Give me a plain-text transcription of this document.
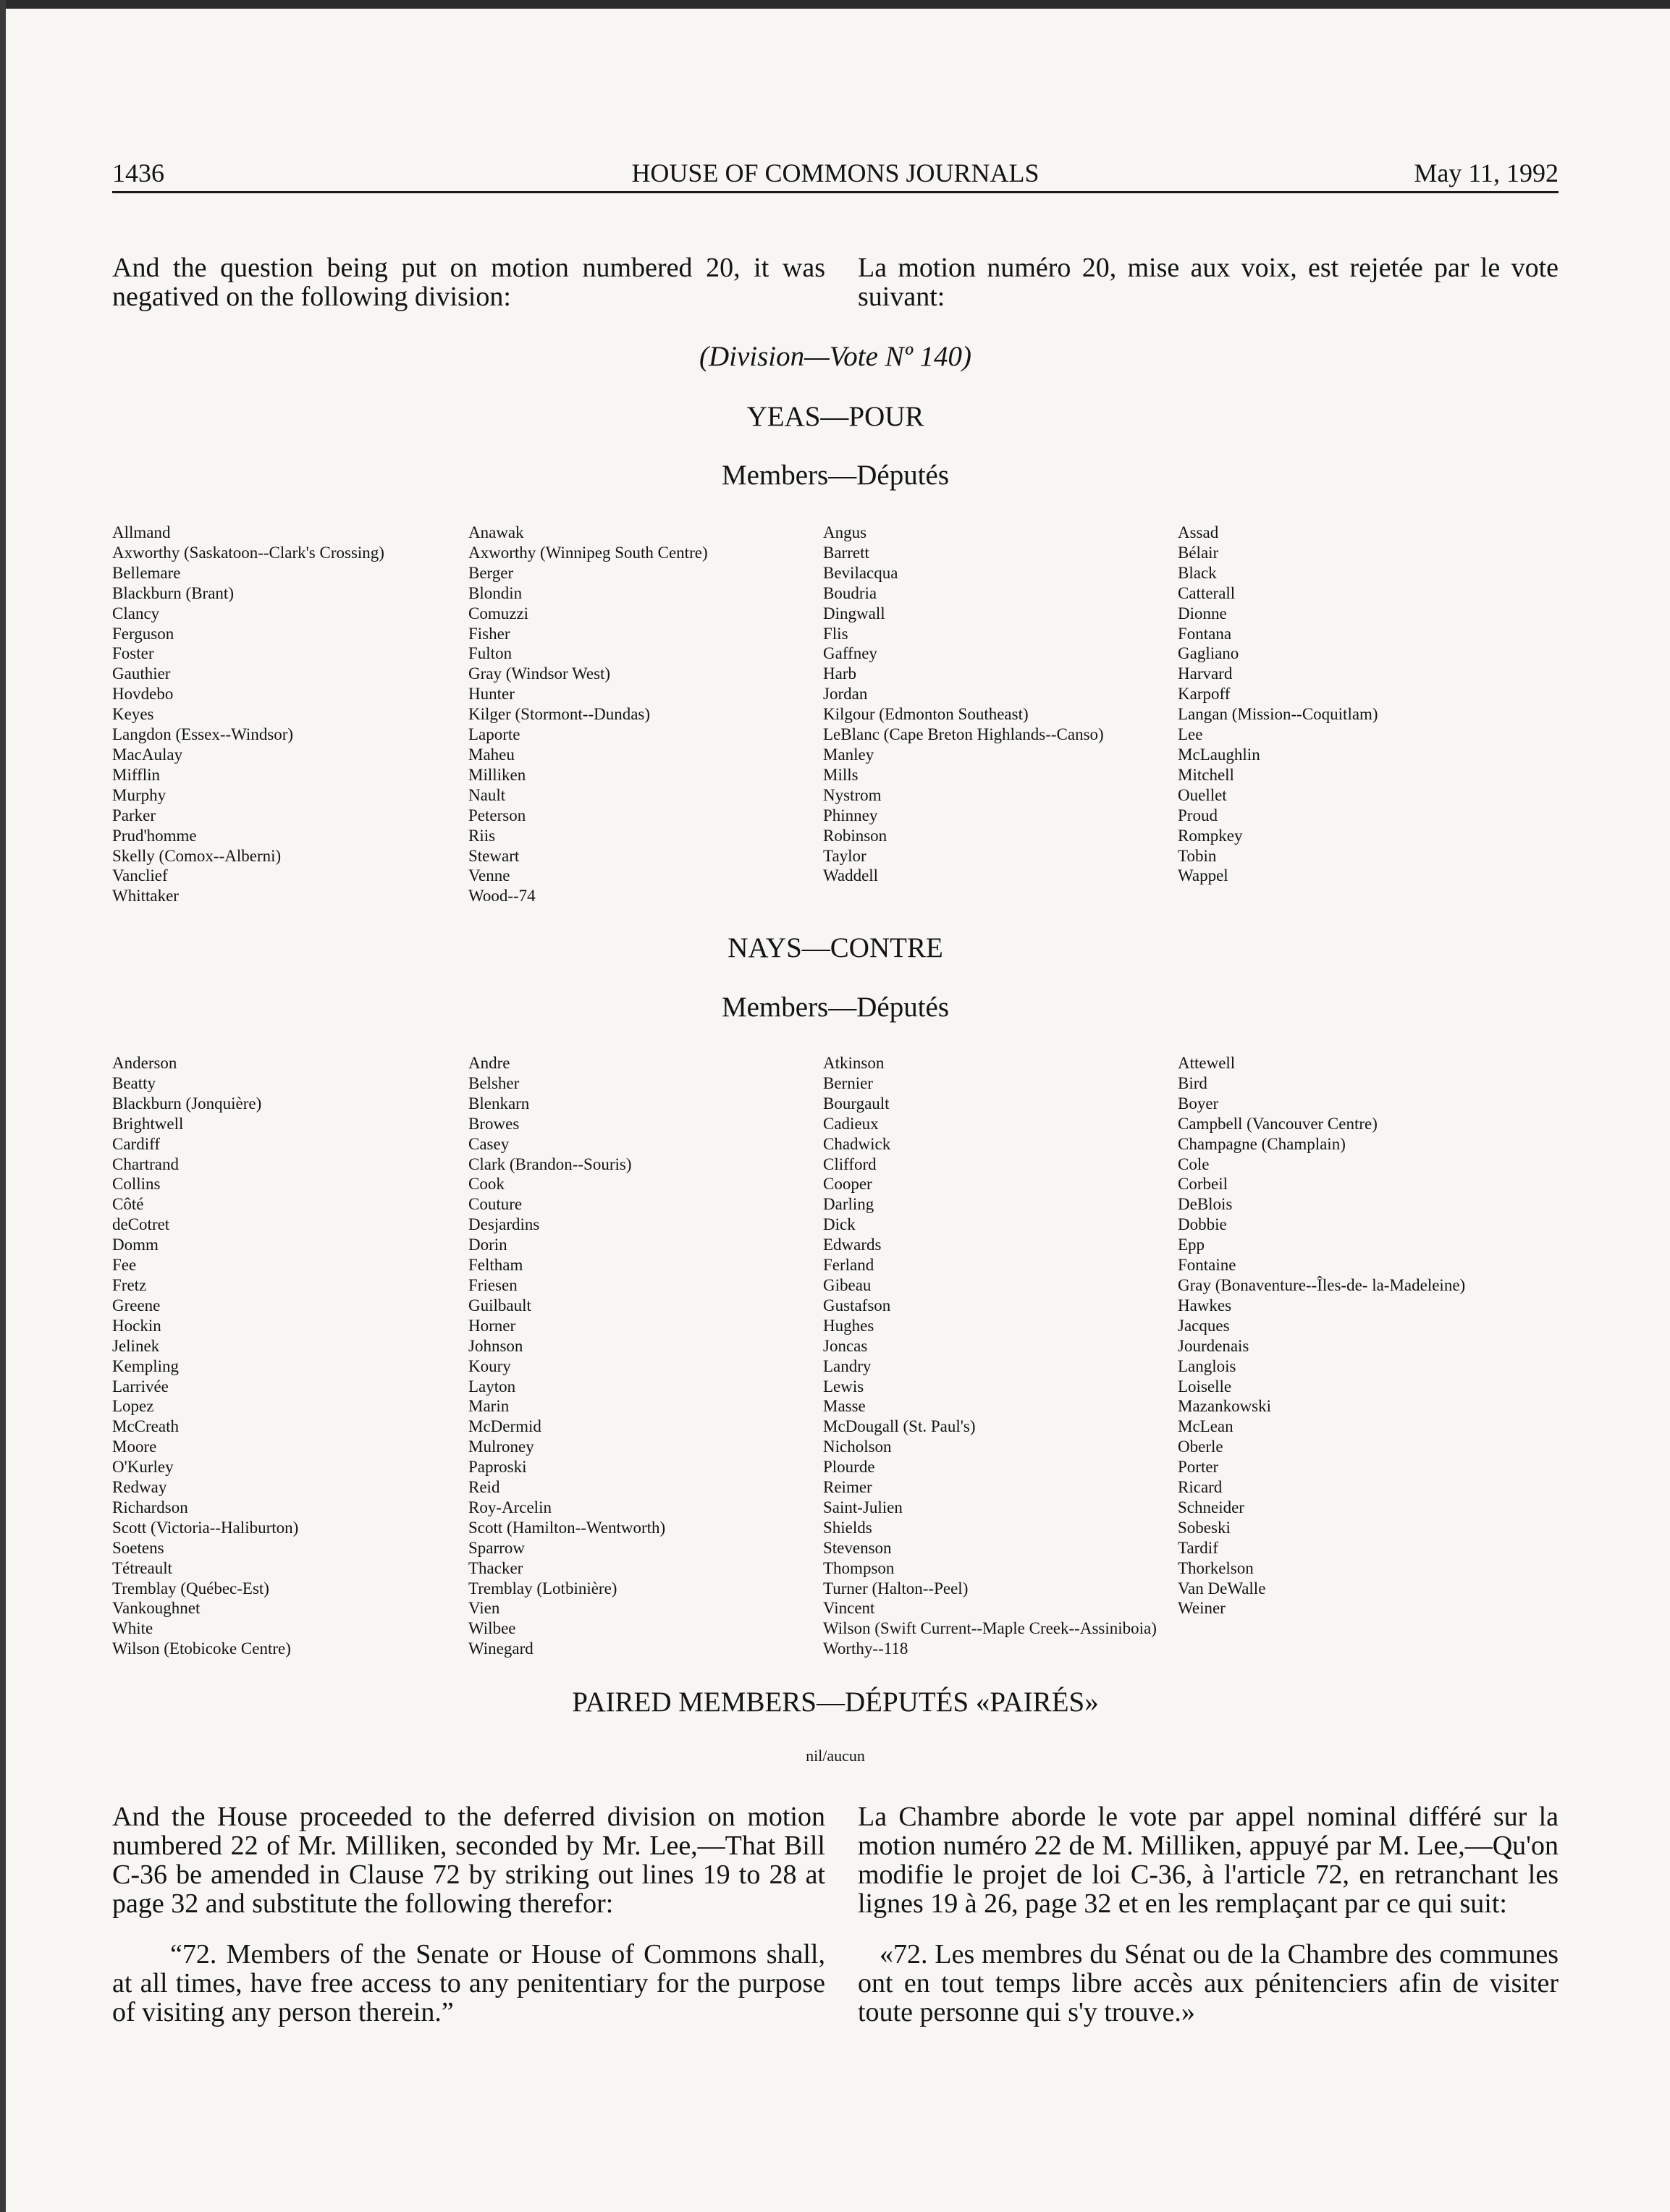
1436	HOUSE OF COMMONS JOURNALS	May 11, 1992

And the question being put on motion numbered 20, it was negatived on the following division:

La motion numéro 20, mise aux voix, est rejetée par le vote suivant:

(Division—Vote Nº 140)
YEAS—POUR
Members—Députés
Allmand
Axworthy (Saskatoon--Clark's Crossing)
Bellemare
Blackburn (Brant)
Clancy
Ferguson
Foster
Gauthier
Hovdebo
Keyes
Langdon (Essex--Windsor)
MacAulay
Mifflin
Murphy
Parker
Prud'homme
Skelly (Comox--Alberni)
Vanclief
Whittaker
Anawak
Axworthy (Winnipeg South Centre)
Berger
Blondin
Comuzzi
Fisher
Fulton
Gray (Windsor West)
Hunter
Kilger (Stormont--Dundas)
Laporte
Maheu
Milliken
Nault
Peterson
Riis
Stewart
Venne
Wood--74
Angus
Barrett
Bevilacqua
Boudria
Dingwall
Flis
Gaffney
Harb
Jordan
Kilgour (Edmonton Southeast)
LeBlanc (Cape Breton Highlands--Canso)
Manley
Mills
Nystrom
Phinney
Robinson
Taylor
Waddell
Assad
Bélair
Black
Catterall
Dionne
Fontana
Gagliano
Harvard
Karpoff
Langan (Mission--Coquitlam)
Lee
McLaughlin
Mitchell
Ouellet
Proud
Rompkey
Tobin
Wappel
NAYS—CONTRE
Members—Députés
Anderson
Beatty
Blackburn (Jonquière)
Brightwell
Cardiff
Chartrand
Collins
Côté
deCotret
Domm
Fee
Fretz
Greene
Hockin
Jelinek
Kempling
Larrivée
Lopez
McCreath
Moore
O'Kurley
Redway
Richardson
Scott (Victoria--Haliburton)
Soetens
Tétreault
Tremblay (Québec-Est)
Vankoughnet
White
Wilson (Etobicoke Centre)
Andre
Belsher
Blenkarn
Browes
Casey
Clark (Brandon--Souris)
Cook
Couture
Desjardins
Dorin
Feltham
Friesen
Guilbault
Horner
Johnson
Koury
Layton
Marin
McDermid
Mulroney
Paproski
Reid
Roy-Arcelin
Scott (Hamilton--Wentworth)
Sparrow
Thacker
Tremblay (Lotbinière)
Vien
Wilbee
Winegard
Atkinson
Bernier
Bourgault
Cadieux
Chadwick
Clifford
Cooper
Darling
Dick
Edwards
Ferland
Gibeau
Gustafson
Hughes
Joncas
Landry
Lewis
Masse
McDougall (St. Paul's)
Nicholson
Plourde
Reimer
Saint-Julien
Shields
Stevenson
Thompson
Turner (Halton--Peel)
Vincent
Wilson (Swift Current--Maple Creek--Assiniboia)
Worthy--118
Attewell
Bird
Boyer
Campbell (Vancouver Centre)
Champagne (Champlain)
Cole
Corbeil
DeBlois
Dobbie
Epp
Fontaine
Gray (Bonaventure--Îles-de- la-Madeleine)
Hawkes
Jacques
Jourdenais
Langlois
Loiselle
Mazankowski
McLean
Oberle
Porter
Ricard
Schneider
Sobeski
Tardif
Thorkelson
Van DeWalle
Weiner
PAIRED MEMBERS—DÉPUTÉS «PAIRÉS»
nil/aucun

And the House proceeded to the deferred division on motion numbered 22 of Mr. Milliken, seconded by Mr. Lee,—That Bill C-36 be amended in Clause 72 by striking out lines 19 to 28 at page 32 and substitute the following therefor:

La Chambre aborde le vote par appel nominal différé sur la motion numéro 22 de M. Milliken, appuyé par M. Lee,—Qu'on modifie le projet de loi C-36, à l'article 72, en retranchant les lignes 19 à 26, page 32 et en les remplaçant par ce qui suit:

“72. Members of the Senate or House of Commons shall, at all times, have free access to any penitentiary for the purpose of visiting any person therein.”

«72. Les membres du Sénat ou de la Chambre des communes ont en tout temps libre accès aux pénitenciers afin de visiter toute personne qui s'y trouve.»
